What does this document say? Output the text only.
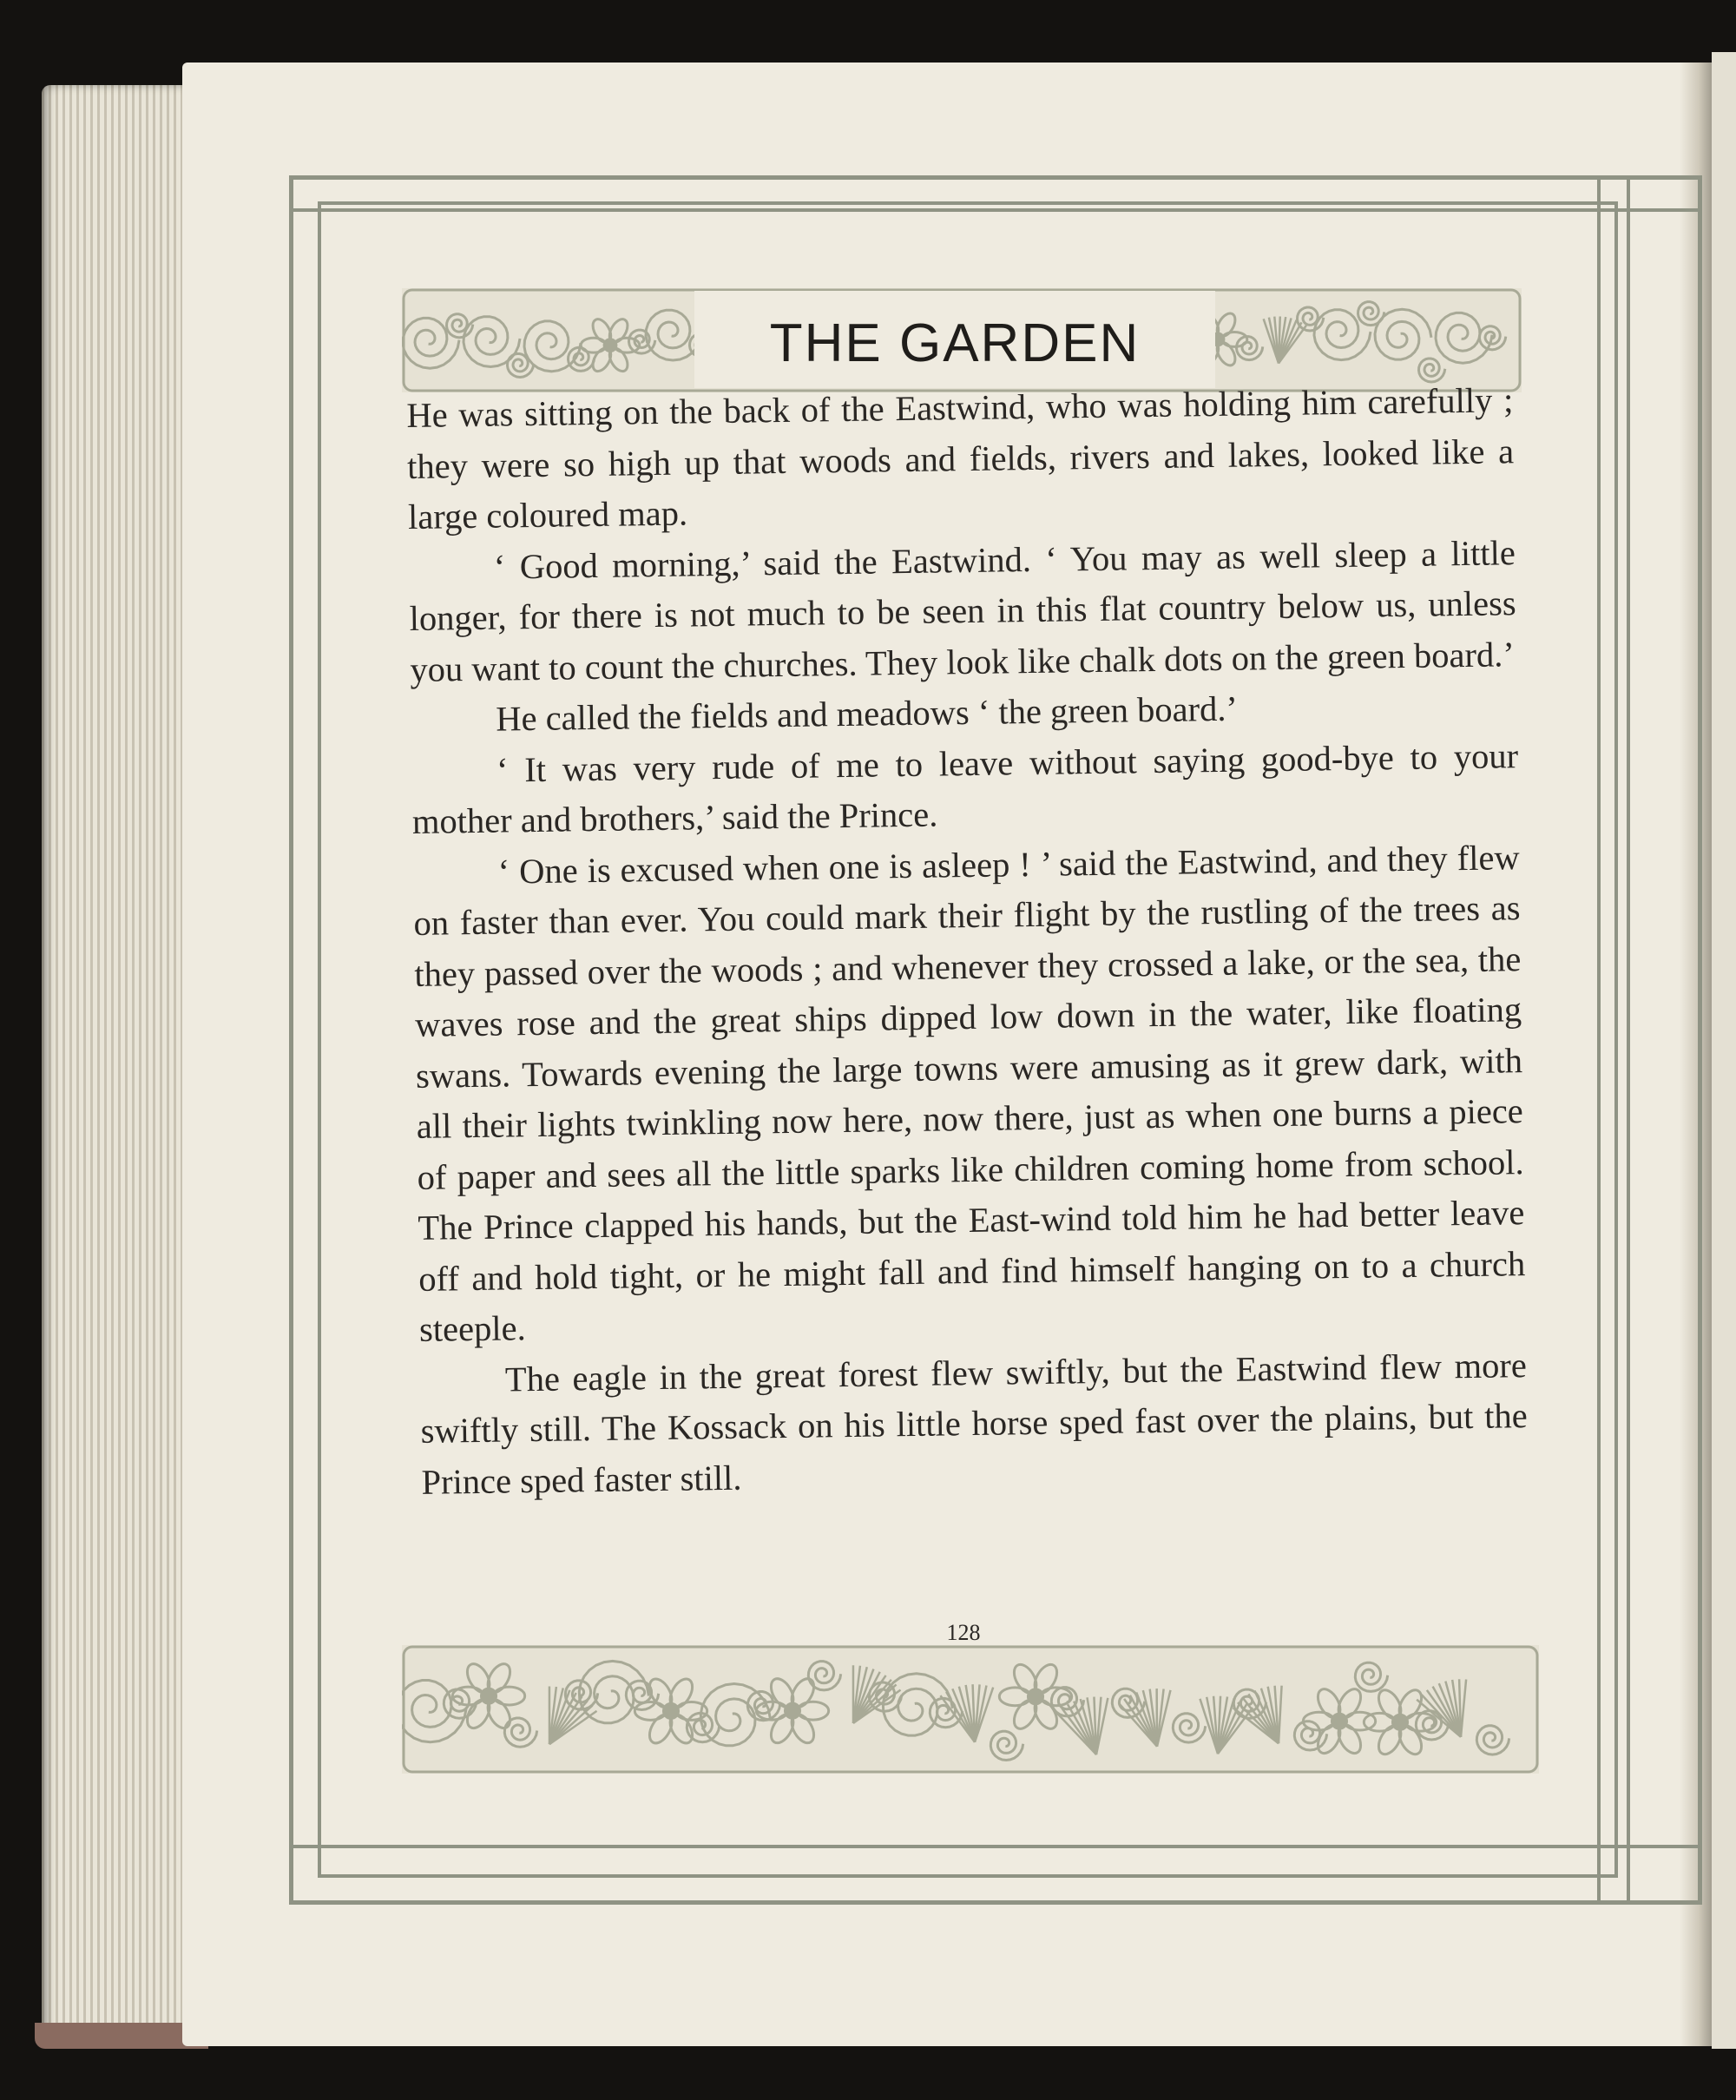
THE GARDEN

He was sitting on the back of the Eastwind, who was holding him carefully ; they were so high up that woods and fields, rivers and lakes, looked like a large coloured map.

‘ Good morning,’ said the Eastwind. ‘ You may as well sleep a little longer, for there is not much to be seen in this flat country below us, unless you want to count the churches. They look like chalk dots on the green board.’

He called the fields and meadows ‘ the green board.’

‘ It was very rude of me to leave without saying good-bye to your mother and brothers,’ said the Prince.

‘ One is excused when one is asleep ! ’ said the Eastwind, and they flew on faster than ever. You could mark their flight by the rustling of the trees as they passed over the woods ; and whenever they crossed a lake, or the sea, the waves rose and the great ships dipped low down in the water, like floating swans. Towards evening the large towns were amusing as it grew dark, with all their lights twinkling now here, now there, just as when one burns a piece of paper and sees all the little sparks like children coming home from school. The Prince clapped his hands, but the East-wind told him he had better leave off and hold tight, or he might fall and find himself hanging on to a church steeple.

The eagle in the great forest flew swiftly, but the Eastwind flew more swiftly still. The Kossack on his little horse sped fast over the plains, but the Prince sped faster still.

128
